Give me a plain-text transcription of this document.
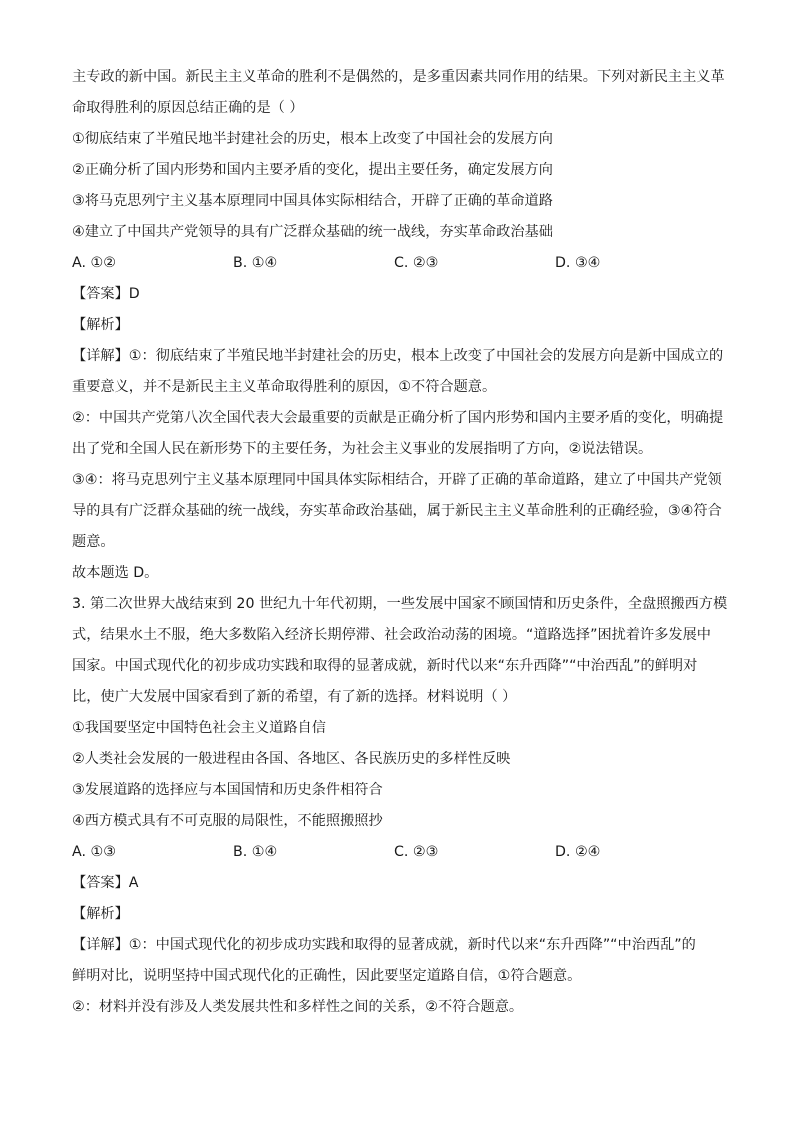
主专政的新中国。新民主主义革命的胜利不是偶然的，是多重因素共同作用的结果。下列对新民主主义革
命取得胜利的原因总结正确的是（ ）
①彻底结束了半殖民地半封建社会的历史，根本上改变了中国社会的发展方向
②正确分析了国内形势和国内主要矛盾的变化，提出主要任务，确定发展方向
③将马克思列宁主义基本原理同中国具体实际相结合，开辟了正确的革命道路
④建立了中国共产党领导的具有广泛群众基础的统一战线，夯实革命政治基础
A. ①②	B. ①④	C. ②③	D. ③④
【答案】D
【解析】
【详解】①：彻底结束了半殖民地半封建社会的历史，根本上改变了中国社会的发展方向是新中国成立的
重要意义，并不是新民主主义革命取得胜利的原因，①不符合题意。
②：中国共产党第八次全国代表大会最重要的贡献是正确分析了国内形势和国内主要矛盾的变化，明确提
出了党和全国人民在新形势下的主要任务，为社会主义事业的发展指明了方向，②说法错误。
③④：将马克思列宁主义基本原理同中国具体实际相结合，开辟了正确的革命道路，建立了中国共产党领
导的具有广泛群众基础的统一战线，夯实革命政治基础，属于新民主主义革命胜利的正确经验，③④符合
题意。
故本题选 D。
3. 第二次世界大战结束到 20 世纪九十年代初期，一些发展中国家不顾国情和历史条件，全盘照搬西方模
式，结果水土不服，绝大多数陷入经济长期停滞、社会政治动荡的困境。“道路选择”困扰着许多发展中
国家。中国式现代化的初步成功实践和取得的显著成就，新时代以来“东升西降”“中治西乱”的鲜明对
比，使广大发展中国家看到了新的希望，有了新的选择。材料说明（ ）
①我国要坚定中国特色社会主义道路自信
②人类社会发展的一般进程由各国、各地区、各民族历史的多样性反映
③发展道路的选择应与本国国情和历史条件相符合
④西方模式具有不可克服的局限性，不能照搬照抄
A. ①③	B. ①④	C. ②③	D. ②④
【答案】A
【解析】
【详解】①：中国式现代化的初步成功实践和取得的显著成就，新时代以来“东升西降”“中治西乱”的
鲜明对比，说明坚持中国式现代化的正确性，因此要坚定道路自信，①符合题意。
②：材料并没有涉及人类发展共性和多样性之间的关系，②不符合题意。
